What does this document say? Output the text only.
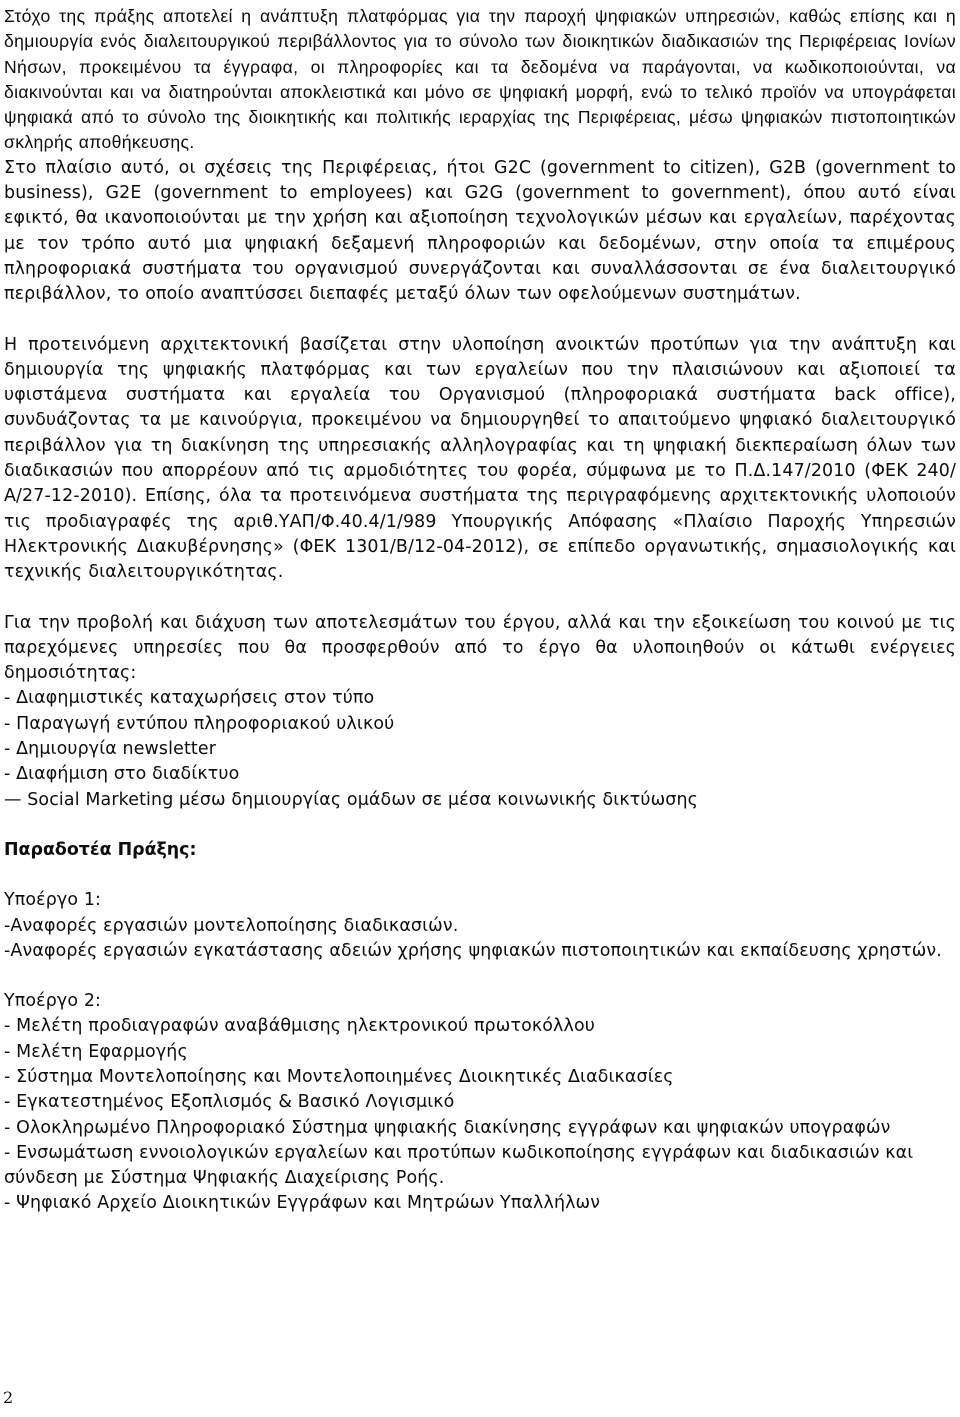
Στόχο της πράξης αποτελεί η ανάπτυξη πλατφόρμας για την παροχή ψηφιακών υπηρεσιών, καθώς επίσης και η δημιουργία ενός διαλειτουργικού περιβάλλοντος για το σύνολο των διοικητικών διαδικασιών της Περιφέρειας Ιονίων Νήσων, προκειμένου τα έγγραφα, οι πληροφορίες και τα δεδομένα να παράγονται, να κωδικοποιούνται, να διακινούνται και να διατηρούνται αποκλειστικά και μόνο σε ψηφιακή μορφή, ενώ το τελικό προϊόν να υπογράφεται ψηφιακά από το σύνολο της διοικητικής και πολιτικής ιεραρχίας της Περιφέρειας, μέσω ψηφιακών πιστοποιητικών σκληρής αποθήκευσης.

Στο πλαίσιο αυτό, οι σχέσεις της Περιφέρειας, ήτοι G2C (government to citizen), G2B (government to business), G2E (government to employees) και G2G (government to government), όπου αυτό είναι εφικτό, θα ικανοποιούνται με την χρήση και αξιοποίηση τεχνολογικών μέσων και εργαλείων, παρέχοντας με τον τρόπο αυτό μια ψηφιακή δεξαμενή πληροφοριών και δεδομένων, στην οποία τα επιμέρους πληροφοριακά συστήματα του οργανισμού συνεργάζονται και συναλλάσσονται σε ένα διαλειτουργικό περιβάλλον, το οποίο αναπτύσσει διεπαφές μεταξύ όλων των οφελούμενων συστημάτων.

Η προτεινόμενη αρχιτεκτονική βασίζεται στην υλοποίηση ανοικτών προτύπων για την ανάπτυξη και δημιουργία της ψηφιακής πλατφόρμας και των εργαλείων που την πλαισιώνουν και αξιοποιεί τα υφιστάμενα συστήματα και εργαλεία του Οργανισμού (πληροφοριακά συστήματα back office), συνδυάζοντας τα με καινούργια, προκειμένου να δημιουργηθεί το απαιτούμενο ψηφιακό διαλειτουργικό περιβάλλον για τη διακίνηση της υπηρεσιακής αλληλογραφίας και τη ψηφιακή διεκπεραίωση όλων των διαδικασιών που απορρέουν από τις αρμοδιότητες του φορέα, σύμφωνα με το Π.Δ.147/2010 (ΦΕΚ 240/Α/27-12-2010). Επίσης, όλα τα προτεινόμενα συστήματα της περιγραφόμενης αρχιτεκτονικής υλοποιούν τις προδιαγραφές της αριθ.ΥΑΠ/Φ.40.4/1/989 Υπουργικής Απόφασης «Πλαίσιο Παροχής Υπηρεσιών Ηλεκτρονικής Διακυβέρνησης» (ΦΕΚ 1301/Β/12-04-2012), σε επίπεδο οργανωτικής, σημασιολογικής και τεχνικής διαλειτουργικότητας.

Για την προβολή και διάχυση των αποτελεσμάτων του έργου, αλλά και την εξοικείωση του κοινού με τις παρεχόμενες υπηρεσίες που θα προσφερθούν από το έργο θα υλοποιηθούν οι κάτωθι ενέργειες δημοσιότητας:

- Διαφημιστικές καταχωρήσεις στον τύπο

- Παραγωγή εντύπου πληροφοριακού υλικού

- Δημιουργία newsletter

- Διαφήμιση στο διαδίκτυο

— Social Marketing μέσω δημιουργίας ομάδων σε μέσα κοινωνικής δικτύωσης

Παραδοτέα Πράξης:

Υποέργο 1:

-Αναφορές εργασιών μοντελοποίησης διαδικασιών.

-Αναφορές εργασιών εγκατάστασης αδειών χρήσης ψηφιακών πιστοποιητικών και εκπαίδευσης χρηστών.

Υποέργο 2:

- Μελέτη προδιαγραφών αναβάθμισης ηλεκτρονικού πρωτοκόλλου

- Μελέτη Εφαρμογής

- Σύστημα Μοντελοποίησης και Μοντελοποιημένες Διοικητικές Διαδικασίες

- Εγκατεστημένος Εξοπλισμός & Βασικό Λογισμικό

- Ολοκληρωμένο Πληροφοριακό Σύστημα ψηφιακής διακίνησης εγγράφων και ψηφιακών υπογραφών

- Ενσωμάτωση εννοιολογικών εργαλείων και προτύπων κωδικοποίησης εγγράφων και διαδικασιών και σύνδεση με Σύστημα Ψηφιακής Διαχείρισης Ροής.

- Ψηφιακό Αρχείο Διοικητικών Εγγράφων και Μητρώων Υπαλλήλων

2
